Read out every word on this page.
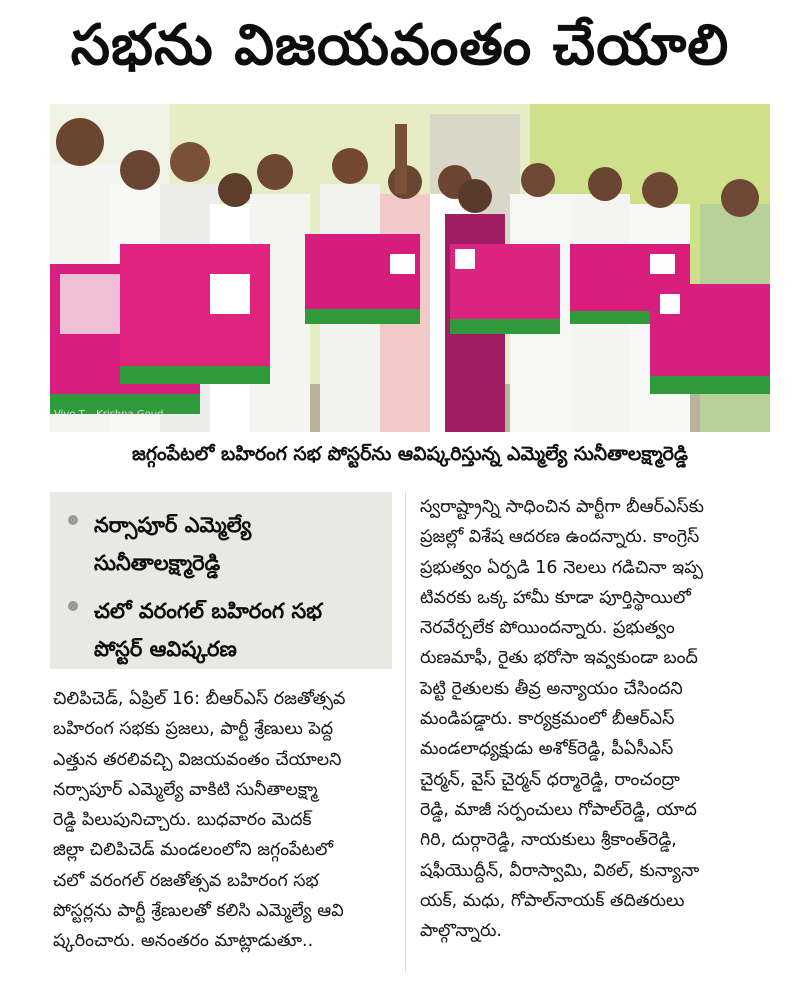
సభను విజయవంతం చేయాలి
Vivo T... Krishna Goud
...16, 2025, 12:...
జగ్గంపేటలో బహిరంగ సభ పోస్టర్‌ను ఆవిష్కరిస్తున్న ఎమ్మెల్యే సునీతాలక్ష్మారెడ్డి
నర్సాపూర్ ఎమ్మెల్యే
సునీతాలక్ష్మారెడ్డి
చలో వరంగల్ బహిరంగ సభ
పోస్టర్ ఆవిష్కరణ
చిలిపిచెడ్, ఏప్రిల్ 16: బీఆర్ఎస్ రజతోత్సవ
బహిరంగ సభకు ప్రజలు, పార్టీ శ్రేణులు పెద్ద
ఎత్తున తరలివచ్చి విజయవంతం చేయాలని
నర్సాపూర్ ఎమ్మెల్యే వాకిటి సునీతాలక్ష్మా
రెడ్డి పిలుపునిచ్చారు. బుధవారం మెదక్
జిల్లా చిలిపిచెడ్ మండలంలోని జగ్గంపేటలో
చలో వరంగల్ రజతోత్సవ బహిరంగ సభ
పోస్టర్లను పార్టీ శ్రేణులతో కలిసి ఎమ్మెల్యే ఆవి
ష్కరించారు. అనంతరం మాట్లాడుతూ..
స్వరాష్ట్రాన్ని సాధించిన పార్టీగా బీఆర్ఎస్‌కు
ప్రజల్లో విశేష ఆదరణ ఉందన్నారు. కాంగ్రెస్
ప్రభుత్వం ఏర్పడి 16 నెలలు గడిచినా ఇప్ప
టివరకు ఒక్క హామీ కూడా పూర్తిస్థాయిలో
నెరవేర్చలేక పోయిందన్నారు. ప్రభుత్వం
రుణమాఫీ, రైతు భరోసా ఇవ్వకుండా బంద్
పెట్టి రైతులకు తీవ్ర అన్యాయం చేసిందని
మండిపడ్డారు. కార్యక్రమంలో బీఆర్ఎస్
మండలాధ్యక్షుడు అశోక్‌రెడ్డి, పీఏసీఎస్
చైర్మన్, వైస్ చైర్మన్ ధర్మారెడ్డి, రాంచంద్రా
రెడ్డి, మాజీ సర్పంచులు గోపాల్‌రెడ్డి, యాద
గిరి, దుర్గారెడ్డి, నాయకులు శ్రీకాంత్‌రెడ్డి,
షఫీయొద్దీన్, వీరాస్వామి, విఠల్, కున్యానా
యక్, మధు, గోపాల్‌నాయక్ తదితరులు
పాల్గొన్నారు.
